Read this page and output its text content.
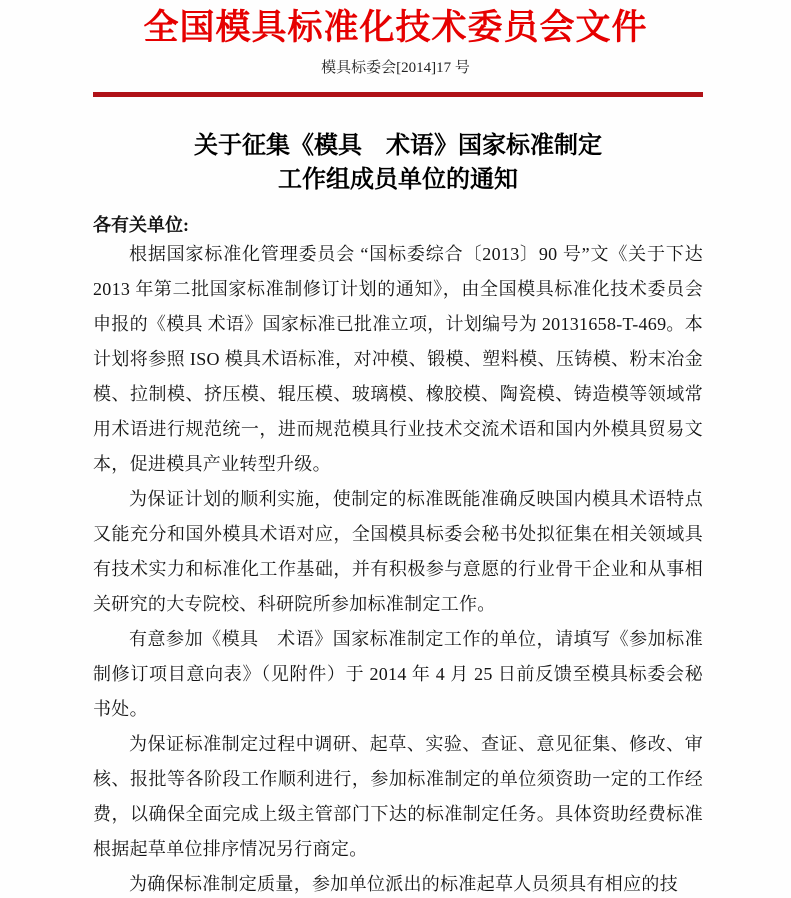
全国模具标准化技术委员会文件
模具标委会[2014]17 号
关于征集《模具　术语》国家标准制定
工作组成员单位的通知

各有关单位:

根据国家标准化管理委员会 “国标委综合〔2013〕90 号”文《关于下达 2013 年第二批国家标准制修订计划的通知》，由全国模具标准化技术委员会申报的《模具 术语》国家标准已批准立项，计划编号为 20131658-T-469。本计划将参照 ISO 模具术语标准，对冲模、锻模、塑料模、压铸模、粉末冶金模、拉制模、挤压模、辊压模、玻璃模、橡胶模、陶瓷模、铸造模等领域常用术语进行规范统一，进而规范模具行业技术交流术语和国内外模具贸易文本，促进模具产业转型升级。

为保证计划的顺利实施，使制定的标准既能准确反映国内模具术语特点又能充分和国外模具术语对应，全国模具标委会秘书处拟征集在相关领域具有技术实力和标准化工作基础，并有积极参与意愿的行业骨干企业和从事相关研究的大专院校、科研院所参加标准制定工作。

有意参加《模具　术语》国家标准制定工作的单位，请填写《参加标准制修订项目意向表》（见附件）于 2014 年 4 月 25 日前反馈至模具标委会秘书处。

为保证标准制定过程中调研、起草、实验、查证、意见征集、修改、审核、报批等各阶段工作顺利进行，参加标准制定的单位须资助一定的工作经费，以确保全面完成上级主管部门下达的标准制定任务。具体资助经费标准根据起草单位排序情况另行商定。

为确保标准制定质量，参加单位派出的标准起草人员须具有相应的技
